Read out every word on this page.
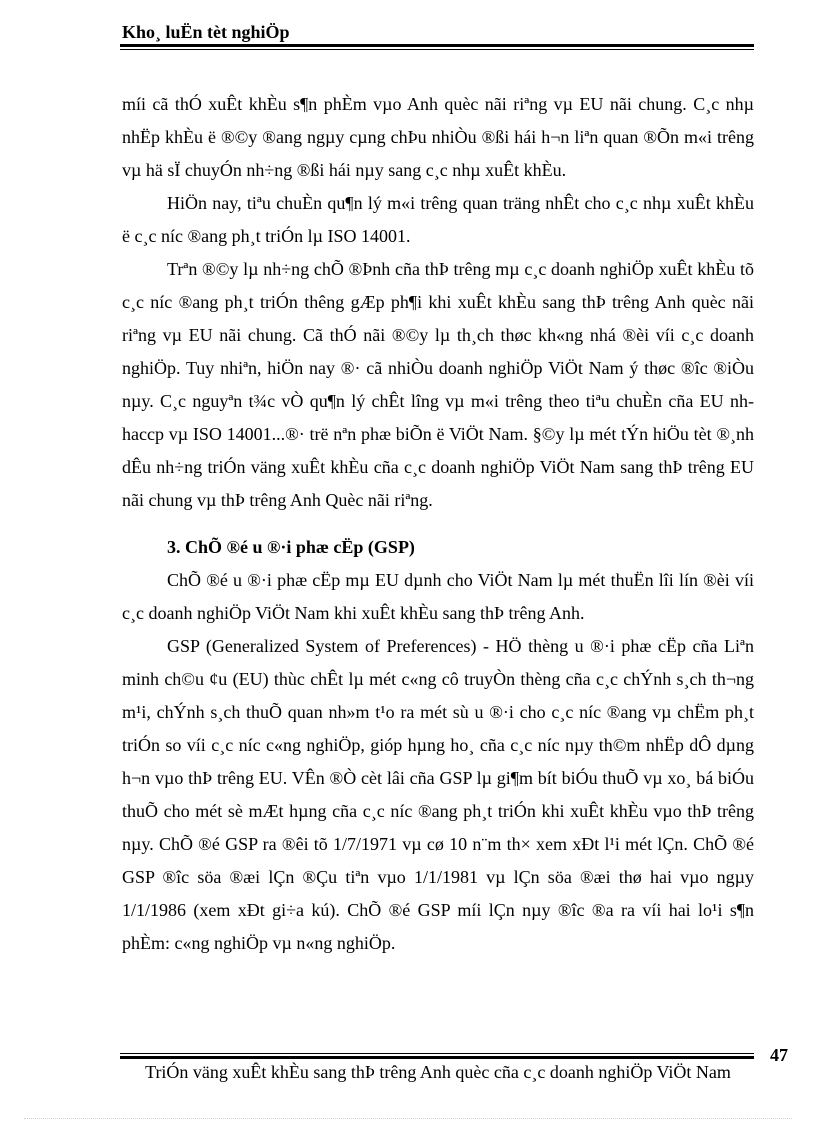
Kho¸ luËn tèt nghiÖp

míi cã thÓ xuÊt khÈu s¶n phÈm vµo Anh quèc nãi riªng vµ EU nãi chung. C¸c nhµ nhËp khÈu ë ®©y ®ang ngµy cµng chÞu nhiÒu ®ßi hái h¬n liªn quan ®Õn m«i trêng vµ hä sÏ chuyÓn nh÷ng ®ßi hái nµy sang c¸c nhµ xuÊt khÈu.

HiÖn nay, tiªu chuÈn qu¶n lý m«i trêng quan träng nhÊt cho c¸c nhµ xuÊt khÈu ë c¸c níc ®ang ph¸t triÓn lµ ISO 14001.

Trªn ®©y lµ nh÷ng chÕ ®Þnh cña thÞ trêng mµ c¸c doanh nghiÖp xuÊt khÈu tõ c¸c níc ®ang ph¸t triÓn thêng gÆp ph¶i khi xuÊt khÈu sang thÞ trêng Anh quèc nãi riªng vµ EU nãi chung. Cã thÓ nãi ®©y lµ th¸ch thøc kh«ng nhá ®èi víi c¸c doanh nghiÖp. Tuy nhiªn, hiÖn nay ®· cã nhiÒu doanh nghiÖp ViÖt Nam ý thøc ®îc ®iÒu nµy. C¸c nguyªn t¾c vÒ qu¶n lý chÊt lîng vµ m«i trêng theo tiªu chuÈn cña EU nh haccp vµ ISO 14001...®· trë nªn phæ biÕn ë ViÖt Nam. §©y lµ mét tÝn hiÖu tèt ®¸nh dÊu nh÷ng triÓn väng xuÊt khÈu cña c¸c doanh nghiÖp ViÖt Nam sang thÞ trêng EU nãi chung vµ thÞ trêng Anh Quèc nãi riªng.

3. ChÕ ®é u ®·i phæ cËp (GSP)

ChÕ ®é u ®·i phæ cËp mµ EU dµnh cho ViÖt Nam lµ mét thuËn lîi lín ®èi víi c¸c doanh nghiÖp ViÖt Nam khi xuÊt khÈu sang thÞ trêng Anh.

GSP (Generalized System of Preferences) - HÖ thèng u ®·i phæ cËp cña Liªn minh ch©u ¢u (EU) thùc chÊt lµ mét c«ng cô truyÒn thèng cña c¸c chÝnh s¸ch th¬ng m¹i, chÝnh s¸ch thuÕ quan nh»m t¹o ra mét sù u ®·i cho c¸c níc ®ang vµ chËm ph¸t triÓn so víi c¸c níc c«ng nghiÖp, gióp hµng ho¸ cña c¸c níc nµy th©m nhËp dÔ dµng h¬n vµo thÞ trêng EU. VÊn ®Ò cèt lâi cña GSP lµ gi¶m bít biÓu thuÕ vµ xo¸ bá biÓu thuÕ cho mét sè mÆt hµng cña c¸c níc ®ang ph¸t triÓn khi xuÊt khÈu vµo thÞ trêng nµy. ChÕ ®é GSP ra ®êi tõ 1/7/1971 vµ cø 10 n¨m th× xem xÐt l¹i mét lÇn. ChÕ ®é GSP ®îc söa ®æi lÇn ®Çu tiªn vµo 1/1/1981 vµ lÇn söa ®æi thø hai vµo ngµy 1/1/1986 (xem xÐt gi÷a kú). ChÕ ®é GSP míi lÇn nµy ®îc ®a ra víi hai lo¹i s¶n phÈm: c«ng nghiÖp vµ n«ng nghiÖp.

47
TriÓn väng xuÊt khÈu sang thÞ trêng Anh quèc cña c¸c doanh nghiÖp ViÖt Nam
